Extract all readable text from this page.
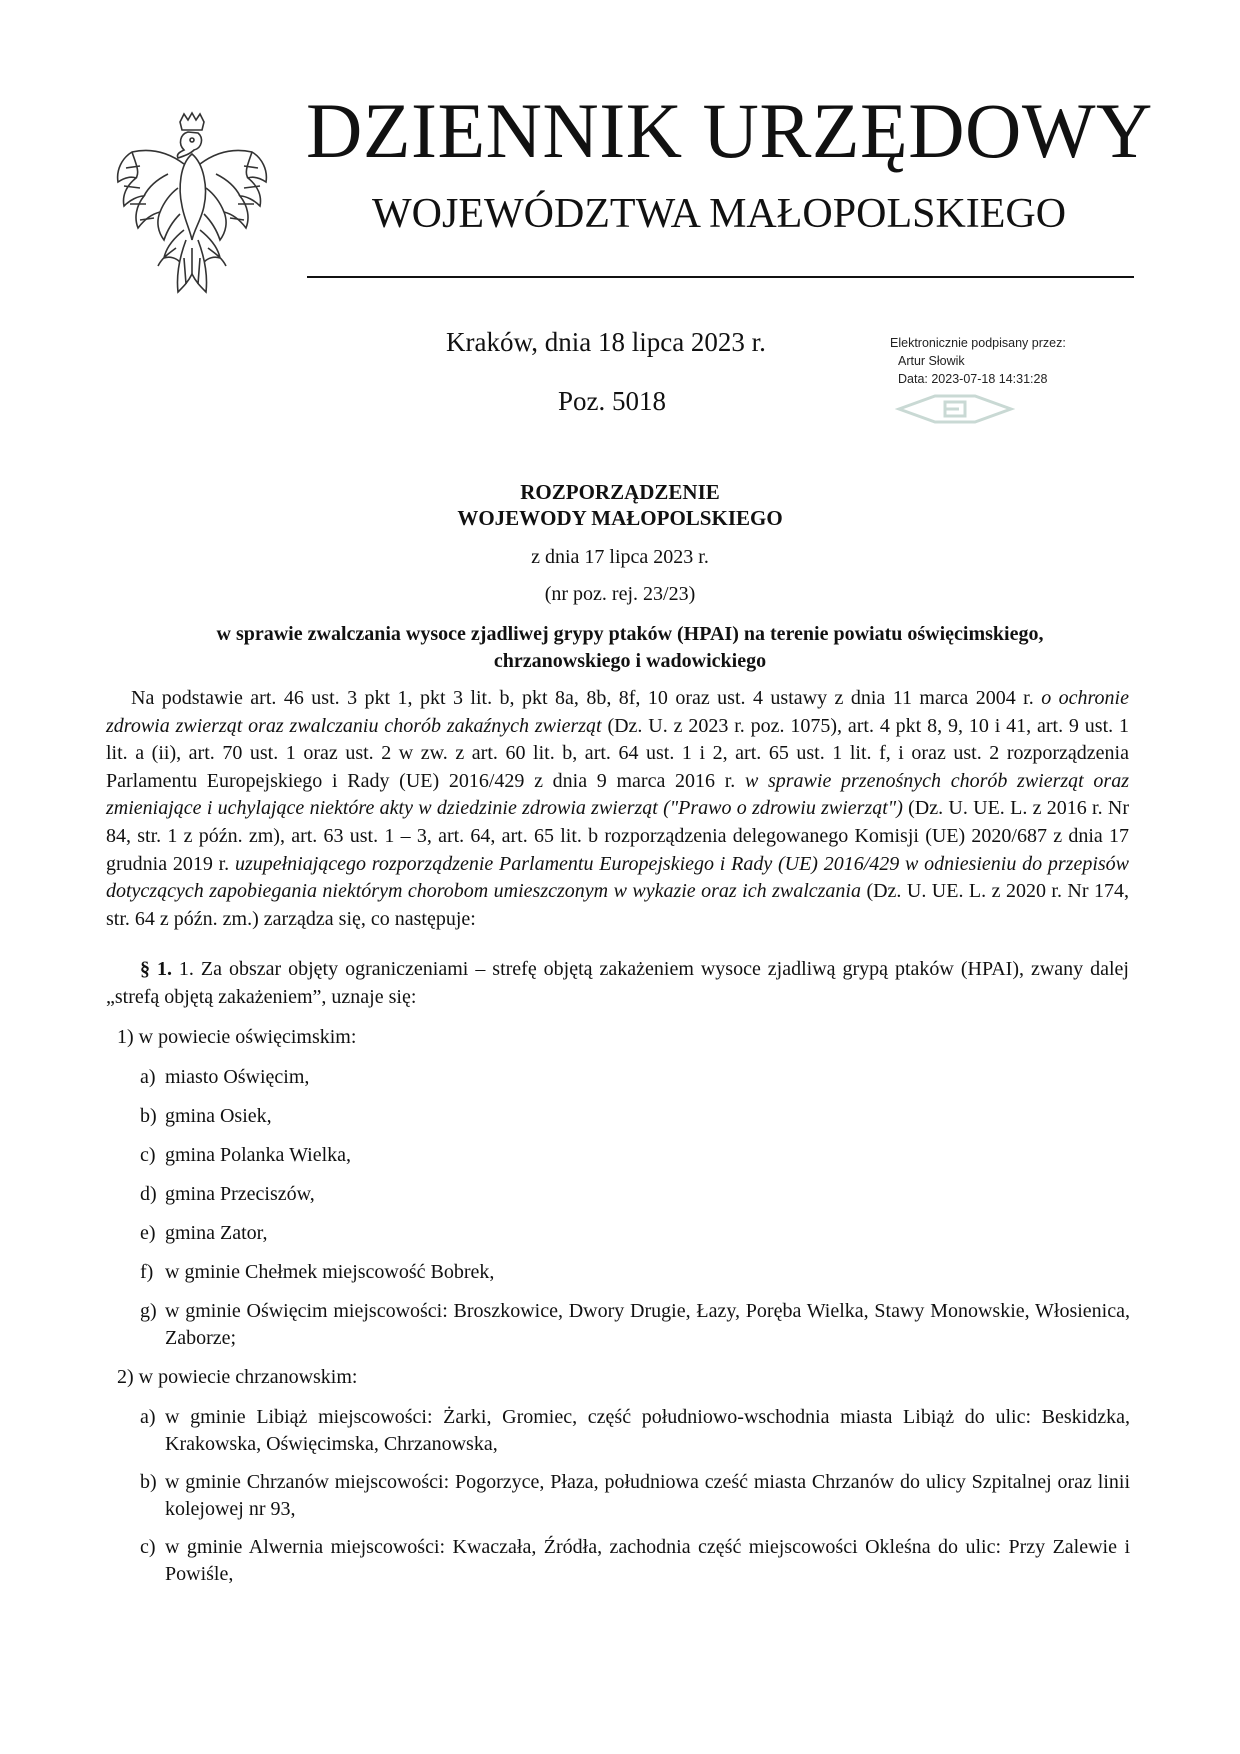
DZIENNIK URZĘDOWY
WOJEWÓDZTWA MAŁOPOLSKIEGO
Kraków, dnia 18 lipca 2023 r.
Poz. 5018
Elektronicznie podpisany przez:
Artur Słowik
Data: 2023-07-18 14:31:28
ROZPORZĄDZENIE
WOJEWODY MAŁOPOLSKIEGO
z dnia 17 lipca 2023 r.
(nr poz. rej. 23/23)
w sprawie zwalczania wysoce zjadliwej grypy ptaków (HPAI) na terenie powiatu oświęcimskiego,
chrzanowskiego i wadowickiego
Na podstawie art. 46 ust. 3 pkt 1, pkt 3 lit. b, pkt 8a, 8b, 8f, 10 oraz ust. 4 ustawy z dnia 11 marca 2004 r. o ochronie zdrowia zwierząt oraz zwalczaniu chorób zakaźnych zwierząt (Dz. U. z 2023 r. poz. 1075), art. 4 pkt 8, 9, 10 i 41, art. 9 ust. 1 lit. a (ii), art. 70 ust. 1 oraz ust. 2 w zw. z art. 60 lit. b, art. 64 ust. 1 i 2, art. 65 ust. 1 lit. f, i oraz ust. 2 rozporządzenia Parlamentu Europejskiego i Rady (UE) 2016/429 z dnia 9 marca 2016 r. w sprawie przenośnych chorób zwierząt oraz zmieniające i uchylające niektóre akty w dziedzinie zdrowia zwierząt ("Prawo o zdrowiu zwierząt") (Dz. U. UE. L. z 2016 r. Nr 84, str. 1 z późn. zm), art. 63 ust. 1 – 3, art. 64, art. 65 lit. b rozporządzenia delegowanego Komisji (UE) 2020/687 z dnia 17 grudnia 2019 r. uzupełniającego rozporządzenie Parlamentu Europejskiego i Rady (UE) 2016/429 w odniesieniu do przepisów dotyczących zapobiegania niektórym chorobom umieszczonym w wykazie oraz ich zwalczania (Dz. U. UE. L. z 2020 r. Nr 174, str. 64 z późn. zm.) zarządza się, co następuje:
§ 1. 1. Za obszar objęty ograniczeniami – strefę objętą zakażeniem wysoce zjadliwą grypą ptaków (HPAI), zwany dalej „strefą objętą zakażeniem”, uznaje się:
1) w powiecie oświęcimskim:
a) miasto Oświęcim,
b) gmina Osiek,
c) gmina Polanka Wielka,
d) gmina Przeciszów,
e) gmina Zator,
f) w gminie Chełmek miejscowość Bobrek,
g) w gminie Oświęcim miejscowości: Broszkowice, Dwory Drugie, Łazy, Poręba Wielka, Stawy Monowskie, Włosienica, Zaborze;
2) w powiecie chrzanowskim:
a) w gminie Libiąż miejscowości: Żarki, Gromiec, część południowo-wschodnia miasta Libiąż do ulic: Beskidzka, Krakowska, Oświęcimska, Chrzanowska,
b) w gminie Chrzanów miejscowości: Pogorzyce, Płaza, południowa cześć miasta Chrzanów do ulicy Szpitalnej oraz linii kolejowej nr 93,
c) w gminie Alwernia miejscowości: Kwaczała, Źródła, zachodnia część miejscowości Okleśna do ulic: Przy Zalewie i Powiśle,
